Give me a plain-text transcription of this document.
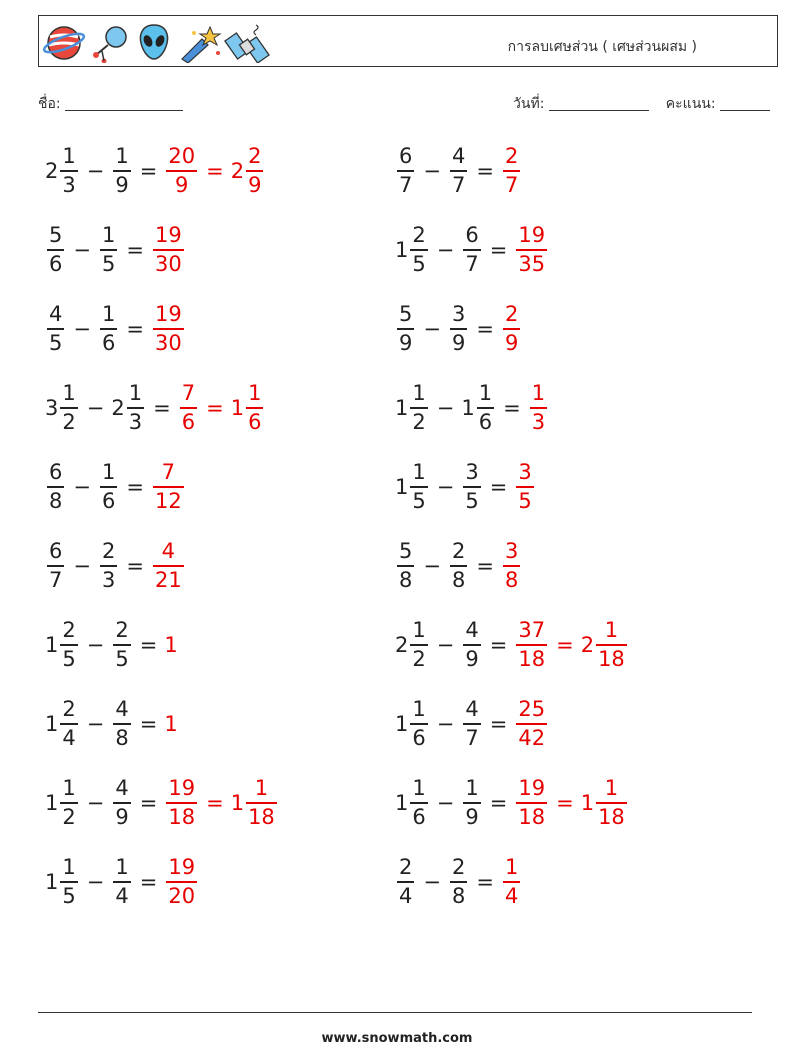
การลบเศษส่วน ( เศษส่วนผสม )
ชื่อ:	วันที่:	คะแนน:
$2 \frac{1}{3} - \frac{1}{9} = \frac{20}{9} = 2 \frac{2}{9}$	$\frac{6}{7} - \frac{4}{7} = \frac{2}{7}$
$\frac{5}{6} - \frac{1}{5} = \frac{19}{30}$	$1 \frac{2}{5} - \frac{6}{7} = \frac{19}{35}$
$\frac{4}{5} - \frac{1}{6} = \frac{19}{30}$	$\frac{5}{9} - \frac{3}{9} = \frac{2}{9}$
$3 \frac{1}{2} - 2 \frac{1}{3} = \frac{7}{6} = 1 \frac{1}{6}$	$1 \frac{1}{2} - 1 \frac{1}{6} = \frac{1}{3}$
$\frac{6}{8} - \frac{1}{6} = \frac{7}{12}$	$1 \frac{1}{5} - \frac{3}{5} = \frac{3}{5}$
$\frac{6}{7} - \frac{2}{3} = \frac{4}{21}$	$\frac{5}{8} - \frac{2}{8} = \frac{3}{8}$
$1 \frac{2}{5} - \frac{2}{5} = 1$	$2 \frac{1}{2} - \frac{4}{9} = \frac{37}{18} = 2 \frac{1}{18}$
$1 \frac{2}{4} - \frac{4}{8} = 1$	$1 \frac{1}{6} - \frac{4}{7} = \frac{25}{42}$
$1 \frac{1}{2} - \frac{4}{9} = \frac{19}{18} = 1 \frac{1}{18}$	$1 \frac{1}{6} - \frac{1}{9} = \frac{19}{18} = 1 \frac{1}{18}$
$1 \frac{1}{5} - \frac{1}{4} = \frac{19}{20}$	$\frac{2}{4} - \frac{2}{8} = \frac{1}{4}$
www.snowmath.com
